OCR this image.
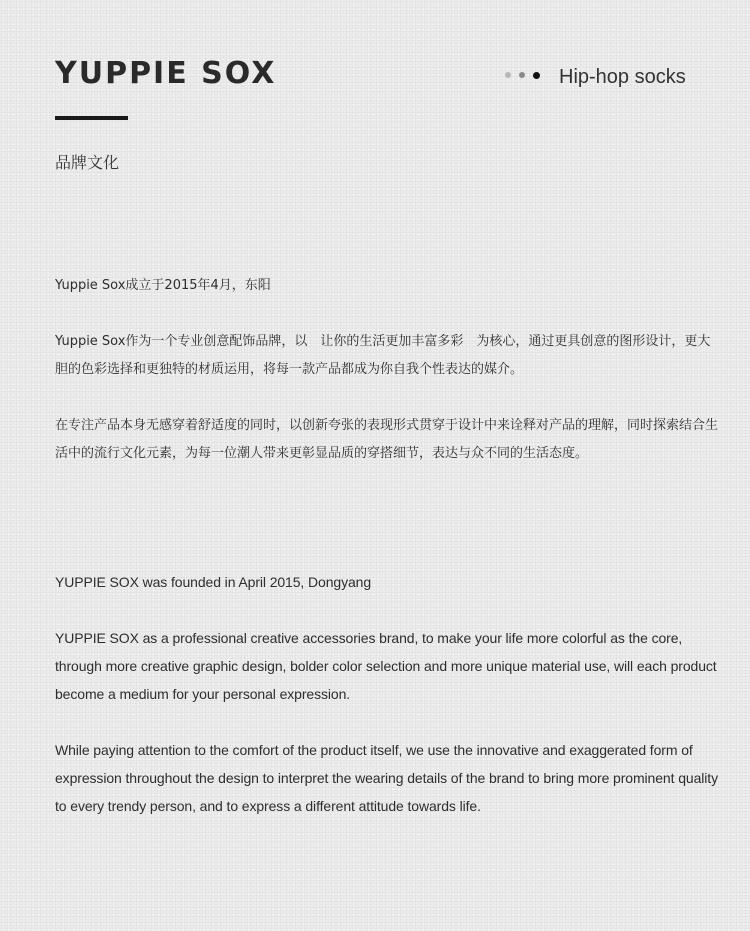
YUPPIE SOX	Hip-hop socks
品牌文化

Yuppie Sox成立于2015年4月，东阳

Yuppie Sox作为一个专业创意配饰品牌，以　让你的生活更加丰富多彩　为核心，通过更具创意的图形设计，更大胆的色彩选择和更独特的材质运用，将每一款产品都成为你自我个性表达的媒介。

在专注产品本身无感穿着舒适度的同时，以创新夸张的表现形式贯穿于设计中来诠释对产品的理解，同时探索结合生活中的流行文化元素，为每一位潮人带来更彰显品质的穿搭细节，表达与众不同的生活态度。

YUPPIE SOX was founded in April 2015, Dongyang

YUPPIE SOX as a professional creative accessories brand, to make your life more colorful as the core, through more creative graphic design, bolder color selection and more unique material use, will each product become a medium for your personal expression.

While paying attention to the comfort of the product itself, we use the innovative and exaggerated form of expression throughout the design to interpret the wearing details of the brand to bring more prominent quality to every trendy person, and to express a different attitude towards life.
